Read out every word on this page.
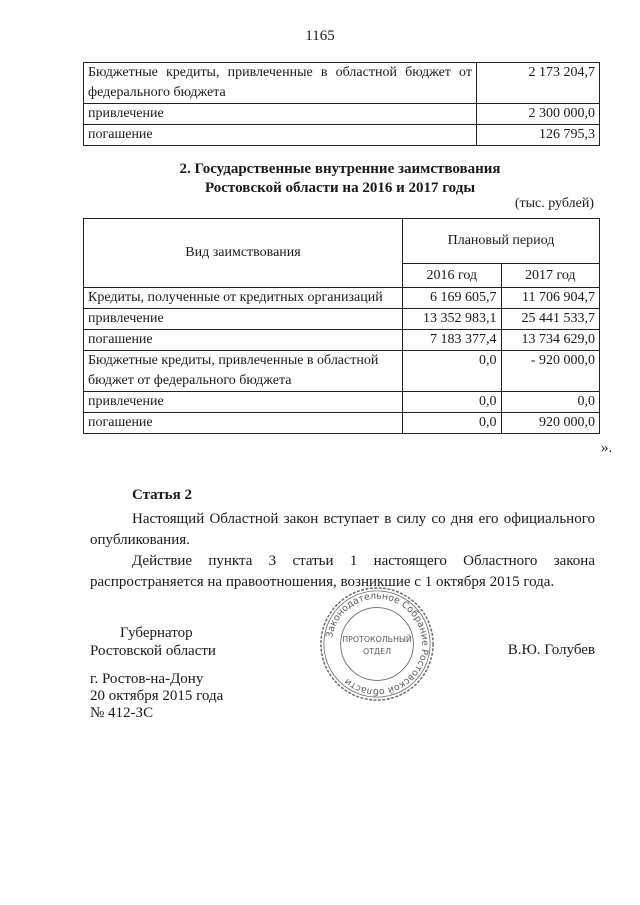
1165
Бюджетные кредиты, привлеченные в областной бюджет от федерального бюджета	2 173 204,7
привлечение	2 300 000,0
погашение	126 795,3
2. Государственные внутренние заимствования
Ростовской области на 2016 и 2017 годы
(тыс. рублей)
Вид заимствования	Плановый период	
	2016 год	2017 год
Кредиты, полученные от кредитных организаций	6 169 605,7	11 706 904,7
привлечение	13 352 983,1	25 441 533,7
погашение	7 183 377,4	13 734 629,0
Бюджетные кредиты, привлеченные в областной бюджет от федерального бюджета	0,0	- 920 000,0
привлечение	0,0	0,0
погашение	0,0	920 000,0
».
Статья 2
Настоящий Областной закон вступает в силу со дня его официального опубликования.
Действие пункта 3 статьи 1 настоящего Областного закона распространяется на правоотношения, возникшие с 1 октября 2015 года.
Губернатор
Ростовской области	В.Ю. Голубев
г. Ростов-на-Дону
20 октября 2015 года
№ 412-ЗС
Законодательное Собрание Ростовской области
ПРОТОКОЛЬНЫЙ
ОТДЕЛ
